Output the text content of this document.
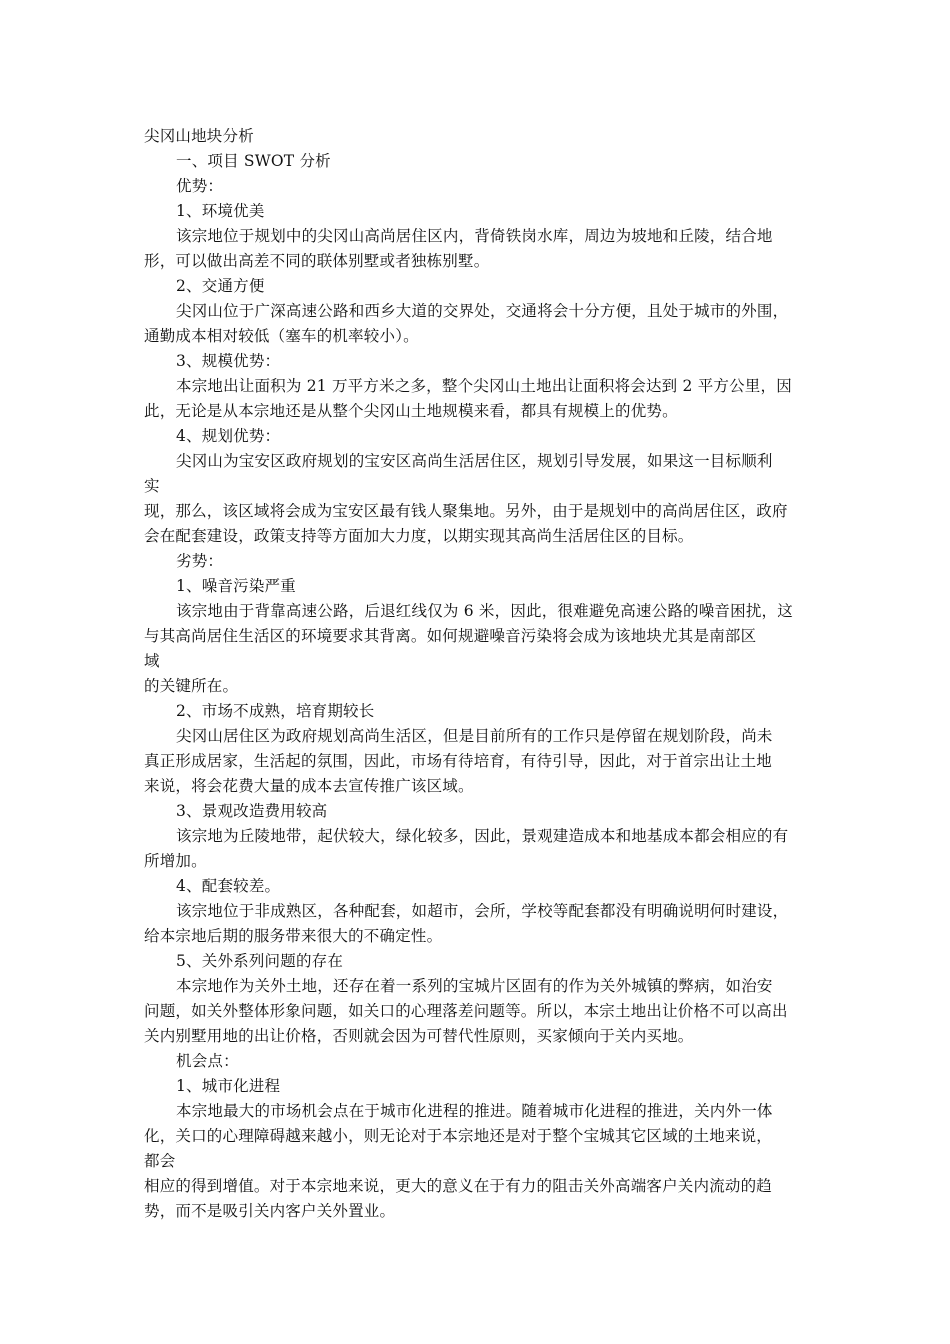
尖冈山地块分析
一、项目 SWOT 分析
优势：
1、环境优美
该宗地位于规划中的尖冈山高尚居住区内，背倚铁岗水库，周边为坡地和丘陵，结合地
形，可以做出高差不同的联体别墅或者独栋别墅。
2、交通方便
尖冈山位于广深高速公路和西乡大道的交界处，交通将会十分方便，且处于城市的外围，
通勤成本相对较低（塞车的机率较小）。
3、规模优势：
本宗地出让面积为 21 万平方米之多，整个尖冈山土地出让面积将会达到 2 平方公里，因
此，无论是从本宗地还是从整个尖冈山土地规模来看，都具有规模上的优势。
4、规划优势：
尖冈山为宝安区政府规划的宝安区高尚生活居住区，规划引导发展，如果这一目标顺利
实
现，那么，该区域将会成为宝安区最有钱人聚集地。另外，由于是规划中的高尚居住区，政府
会在配套建设，政策支持等方面加大力度，以期实现其高尚生活居住区的目标。
劣势：
1、噪音污染严重
该宗地由于背靠高速公路，后退红线仅为 6 米，因此，很难避免高速公路的噪音困扰，这
与其高尚居住生活区的环境要求其背离。如何规避噪音污染将会成为该地块尤其是南部区
域
的关键所在。
2、市场不成熟，培育期较长
尖冈山居住区为政府规划高尚生活区，但是目前所有的工作只是停留在规划阶段，尚未
真正形成居家，生活起的氛围，因此，市场有待培育，有待引导，因此，对于首宗出让土地
来说，将会花费大量的成本去宣传推广该区域。
3、景观改造费用较高
该宗地为丘陵地带，起伏较大，绿化较多，因此，景观建造成本和地基成本都会相应的有
所增加。
4、配套较差。
该宗地位于非成熟区，各种配套，如超市，会所，学校等配套都没有明确说明何时建设，
给本宗地后期的服务带来很大的不确定性。
5、关外系列问题的存在
本宗地作为关外土地，还存在着一系列的宝城片区固有的作为关外城镇的弊病，如治安
问题，如关外整体形象问题，如关口的心理落差问题等。所以，本宗土地出让价格不可以高出
关内别墅用地的出让价格，否则就会因为可替代性原则，买家倾向于关内买地。
机会点：
1、城市化进程
本宗地最大的市场机会点在于城市化进程的推进。随着城市化进程的推进，关内外一体
化，关口的心理障碍越来越小，则无论对于本宗地还是对于整个宝城其它区域的土地来说，
都会
相应的得到增值。对于本宗地来说，更大的意义在于有力的阻击关外高端客户关内流动的趋
势，而不是吸引关内客户关外置业。
